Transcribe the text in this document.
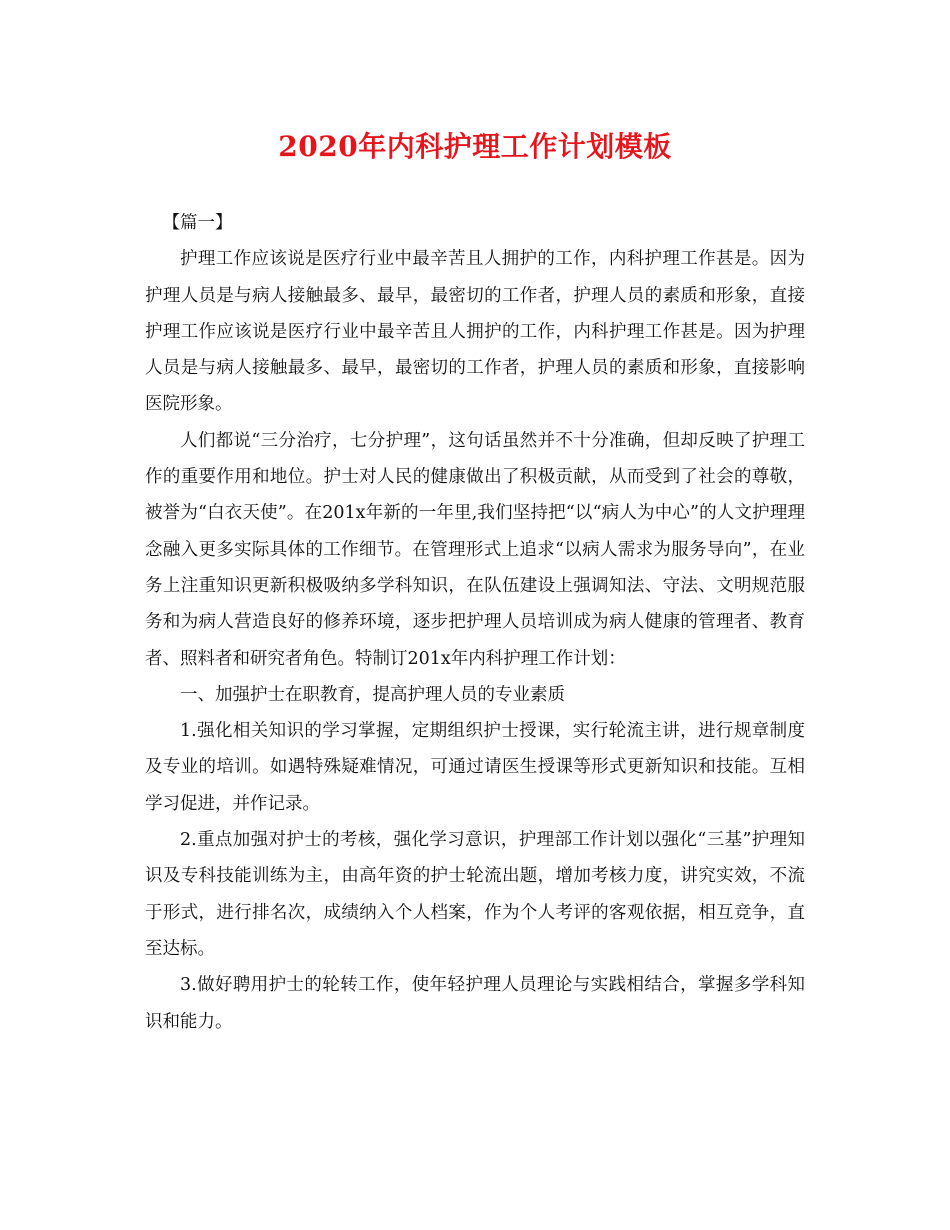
2020年内科护理工作计划模板

【篇一】

护理工作应该说是医疗行业中最辛苦且人拥护的工作，内科护理工作甚是。因为护理人员是与病人接触最多、最早，最密切的工作者，护理人员的素质和形象，直接护理工作应该说是医疗行业中最辛苦且人拥护的工作，内科护理工作甚是。因为护理人员是与病人接触最多、最早，最密切的工作者，护理人员的素质和形象，直接影响医院形象。

人们都说“三分治疗，七分护理”，这句话虽然并不十分准确，但却反映了护理工作的重要作用和地位。护士对人民的健康做出了积极贡献，从而受到了社会的尊敬，被誉为“白衣天使”。在201x年新的一年里,我们坚持把“以“病人为中心”的人文护理理念融入更多实际具体的工作细节。在管理形式上追求“以病人需求为服务导向”，在业务上注重知识更新积极吸纳多学科知识，在队伍建设上强调知法、守法、文明规范服务和为病人营造良好的修养环境，逐步把护理人员培训成为病人健康的管理者、教育者、照料者和研究者角色。特制订201x年内科护理工作计划：

一、加强护士在职教育，提高护理人员的专业素质

1.强化相关知识的学习掌握，定期组织护士授课，实行轮流主讲，进行规章制度及专业的培训。如遇特殊疑难情况，可通过请医生授课等形式更新知识和技能。互相学习促进，并作记录。

2.重点加强对护士的考核，强化学习意识，护理部工作计划以强化“三基”护理知识及专科技能训练为主，由高年资的护士轮流出题，增加考核力度，讲究实效，不流于形式，进行排名次，成绩纳入个人档案，作为个人考评的客观依据，相互竞争，直至达标。

3.做好聘用护士的轮转工作，使年轻护理人员理论与实践相结合，掌握多学科知识和能力。
